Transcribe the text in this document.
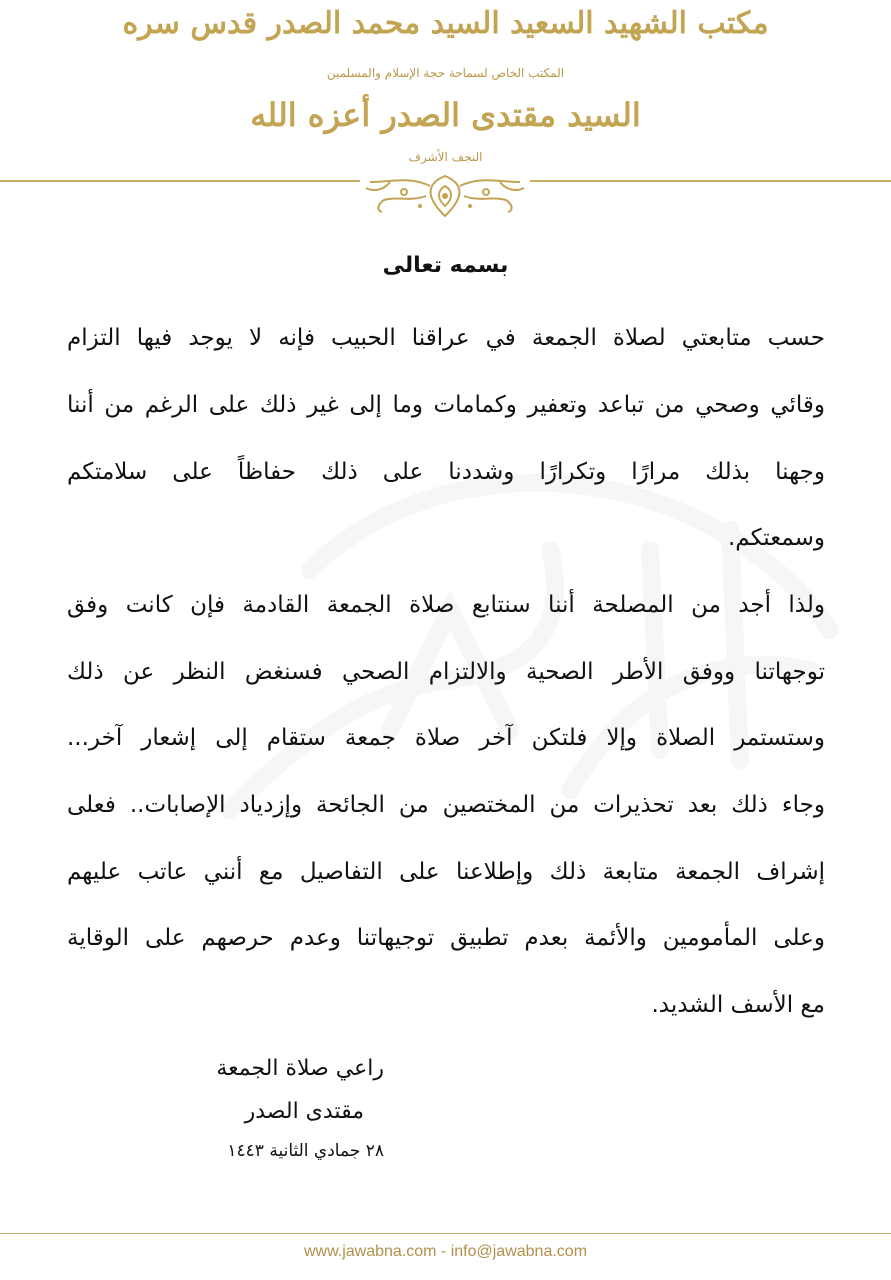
مكتب الشهيد السعيد السيد محمد الصدر قدس سره
المكتب الخاص لسماحة حجة الإسلام والمسلمين
السيد مقتدى الصدر أعزه الله
النجف الأشرف
بسمه تعالى
حسب متابعتي لصلاة الجمعة في عراقنا الحبيب فإنه لا يوجد فيها التزام
وقائي وصحي من تباعد وتعفير وكمامات وما إلى غير ذلك على الرغم من أننا
وجهنا بذلك مرارًا وتكرارًا وشددنا على ذلك حفاظاً على سلامتكم
وسمعتكم.
ولذا أجد من المصلحة أننا سنتابع صلاة الجمعة القادمة فإن كانت وفق
توجهاتنا ووفق الأطر الصحية والالتزام الصحي فسنغض النظر عن ذلك
وستستمر الصلاة وإلا فلتكن آخر صلاة جمعة ستقام إلى إشعار آخر...
وجاء ذلك بعد تحذيرات من المختصين من الجائحة وإزدياد الإصابات.. فعلى
إشراف الجمعة متابعة ذلك وإطلاعنا على التفاصيل مع أنني عاتب عليهم
وعلى المأمومين والأئمة بعدم تطبيق توجيهاتنا وعدم حرصهم على الوقاية
مع الأسف الشديد.
راعي صلاة الجمعة
مقتدى الصدر
٢٨ جمادي الثانية ١٤٤٣
www.jawabna.com - info@jawabna.com
